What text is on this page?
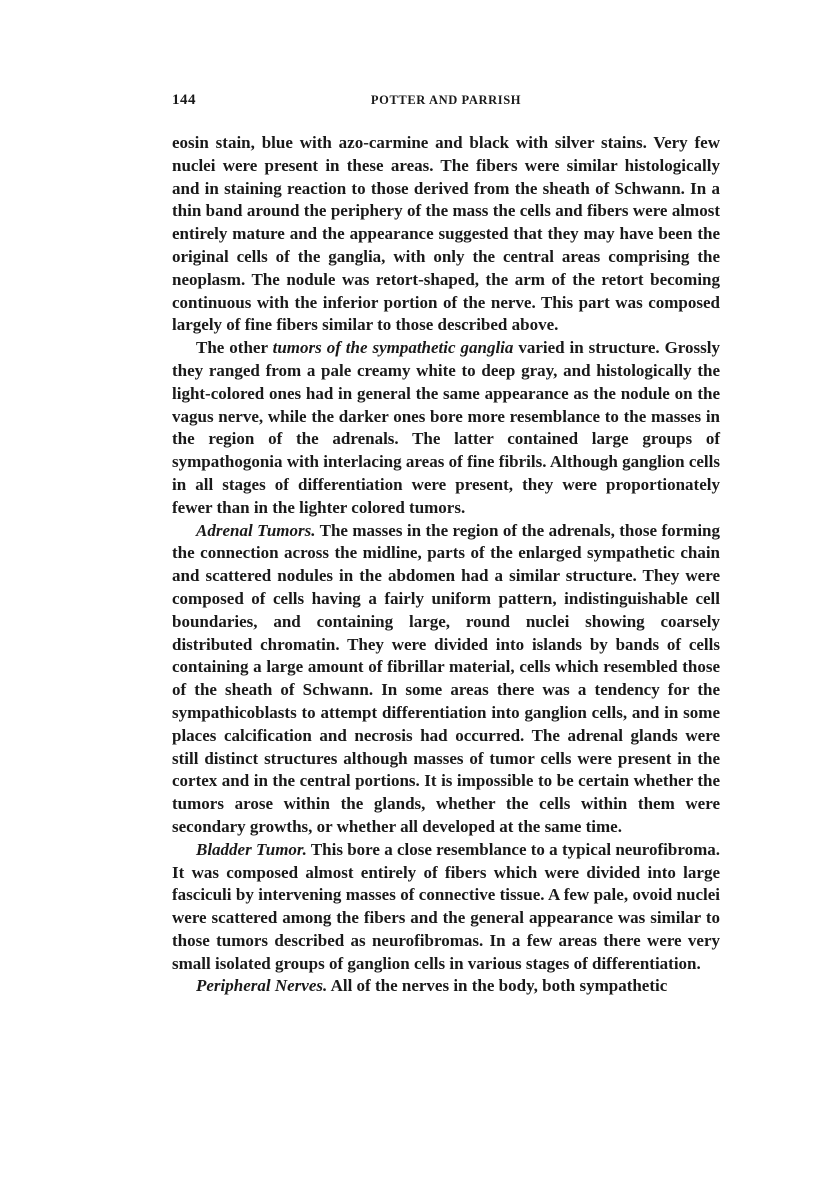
144	POTTER AND PARRISH

eosin stain, blue with azo-carmine and black with silver stains. Very few nuclei were present in these areas. The fibers were similar histologically and in staining reaction to those derived from the sheath of Schwann. In a thin band around the periphery of the mass the cells and fibers were almost entirely mature and the appearance suggested that they may have been the original cells of the ganglia, with only the central areas comprising the neoplasm. The nodule was retort-shaped, the arm of the retort becoming continuous with the inferior portion of the nerve. This part was composed largely of fine fibers similar to those described above.

The other tumors of the sympathetic ganglia varied in structure. Grossly they ranged from a pale creamy white to deep gray, and histologically the light-colored ones had in general the same appearance as the nodule on the vagus nerve, while the darker ones bore more resemblance to the masses in the region of the adrenals. The latter contained large groups of sympathogonia with interlacing areas of fine fibrils. Although ganglion cells in all stages of differentiation were present, they were proportionately fewer than in the lighter colored tumors.

Adrenal Tumors. The masses in the region of the adrenals, those forming the connection across the midline, parts of the enlarged sympathetic chain and scattered nodules in the abdomen had a similar structure. They were composed of cells having a fairly uniform pattern, indistinguishable cell boundaries, and containing large, round nuclei showing coarsely distributed chromatin. They were divided into islands by bands of cells containing a large amount of fibrillar material, cells which resembled those of the sheath of Schwann. In some areas there was a tendency for the sympathicoblasts to attempt differentiation into ganglion cells, and in some places calcification and necrosis had occurred. The adrenal glands were still distinct structures although masses of tumor cells were present in the cortex and in the central portions. It is impossible to be certain whether the tumors arose within the glands, whether the cells within them were secondary growths, or whether all developed at the same time.

Bladder Tumor. This bore a close resemblance to a typical neurofibroma. It was composed almost entirely of fibers which were divided into large fasciculi by intervening masses of connective tissue. A few pale, ovoid nuclei were scattered among the fibers and the general appearance was similar to those tumors described as neurofibromas. In a few areas there were very small isolated groups of ganglion cells in various stages of differentiation.

Peripheral Nerves. All of the nerves in the body, both sympathetic
